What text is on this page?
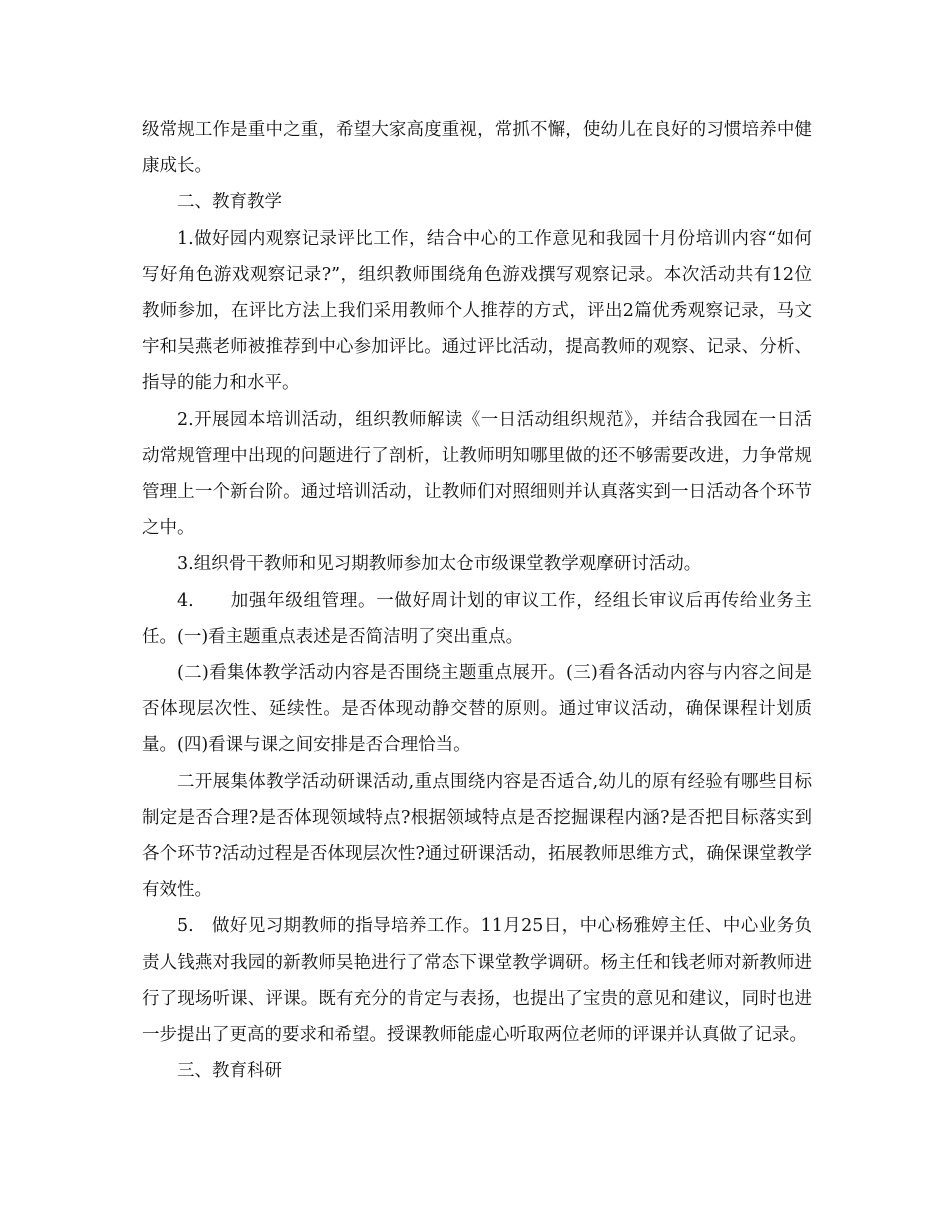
级常规工作是重中之重，希望大家高度重视，常抓不懈，使幼儿在良好的习惯培养中健康成长。

二、教育教学

1.做好园内观察记录评比工作，结合中心的工作意见和我园十月份培训内容“如何写好角色游戏观察记录?”，组织教师围绕角色游戏撰写观察记录。本次活动共有12位教师参加，在评比方法上我们采用教师个人推荐的方式，评出2篇优秀观察记录，马文宇和吴燕老师被推荐到中心参加评比。通过评比活动，提高教师的观察、记录、分析、指导的能力和水平。

2.开展园本培训活动，组织教师解读《一日活动组织规范》，并结合我园在一日活动常规管理中出现的问题进行了剖析，让教师明知哪里做的还不够需要改进，力争常规管理上一个新台阶。通过培训活动，让教师们对照细则并认真落实到一日活动各个环节之中。

3.组织骨干教师和见习期教师参加太仓市级课堂教学观摩研讨活动。

4.　　加强年级组管理。一做好周计划的审议工作，经组长审议后再传给业务主任。(一)看主题重点表述是否简洁明了突出重点。

(二)看集体教学活动内容是否围绕主题重点展开。(三)看各活动内容与内容之间是否体现层次性、延续性。是否体现动静交替的原则。通过审议活动，确保课程计划质量。(四)看课与课之间安排是否合理恰当。

二开展集体教学活动研课活动,重点围绕内容是否适合,幼儿的原有经验有哪些目标制定是否合理?是否体现领域特点?根据领域特点是否挖掘课程内涵?是否把目标落实到各个环节?活动过程是否体现层次性?通过研课活动，拓展教师思维方式，确保课堂教学有效性。

5.　做好见习期教师的指导培养工作。11月25日，中心杨雅婷主任、中心业务负责人钱燕对我园的新教师吴艳进行了常态下课堂教学调研。杨主任和钱老师对新教师进行了现场听课、评课。既有充分的肯定与表扬，也提出了宝贵的意见和建议，同时也进一步提出了更高的要求和希望。授课教师能虚心听取两位老师的评课并认真做了记录。

三、教育科研
